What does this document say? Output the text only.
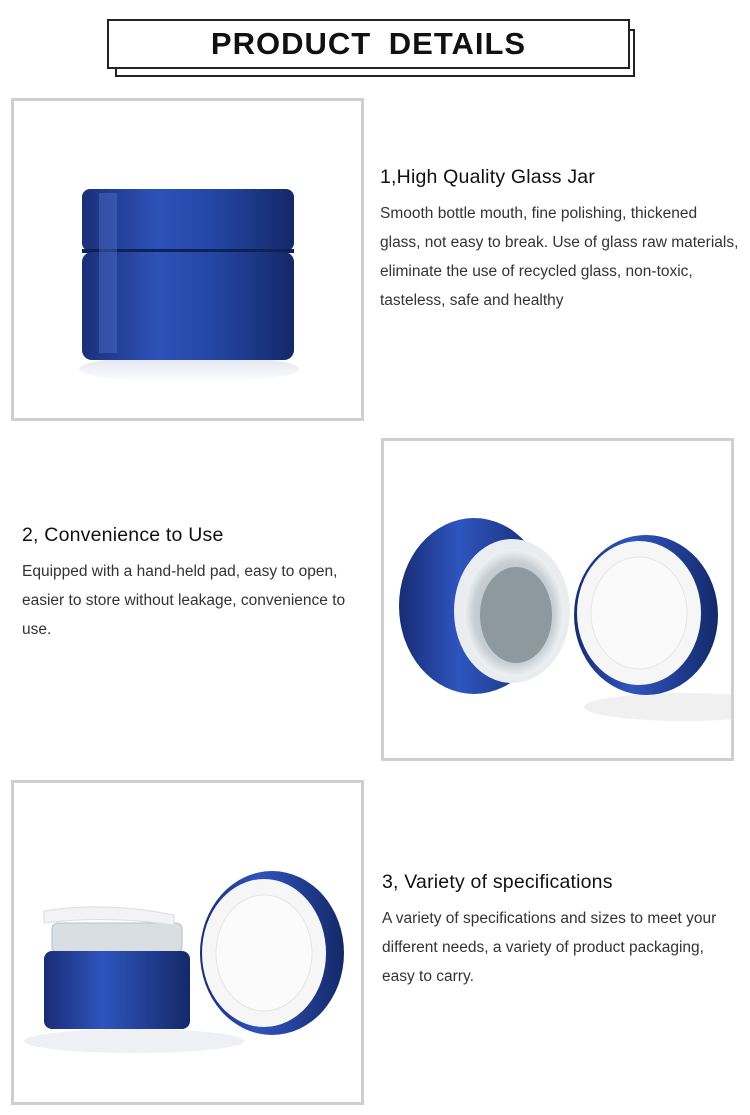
PRODUCT DETAILS
1,High Quality Glass Jar

Smooth bottle mouth, fine polishing, thickened glass, not easy to break. Use of glass raw materials, eliminate the use of recycled glass, non-toxic, tasteless, safe and healthy

2, Convenience to Use

Equipped with a hand-held pad, easy to open, easier to store without leakage, convenience to use.

3, Variety of specifications

A variety of specifications and sizes to meet your different needs, a variety of product packaging, easy to carry.
